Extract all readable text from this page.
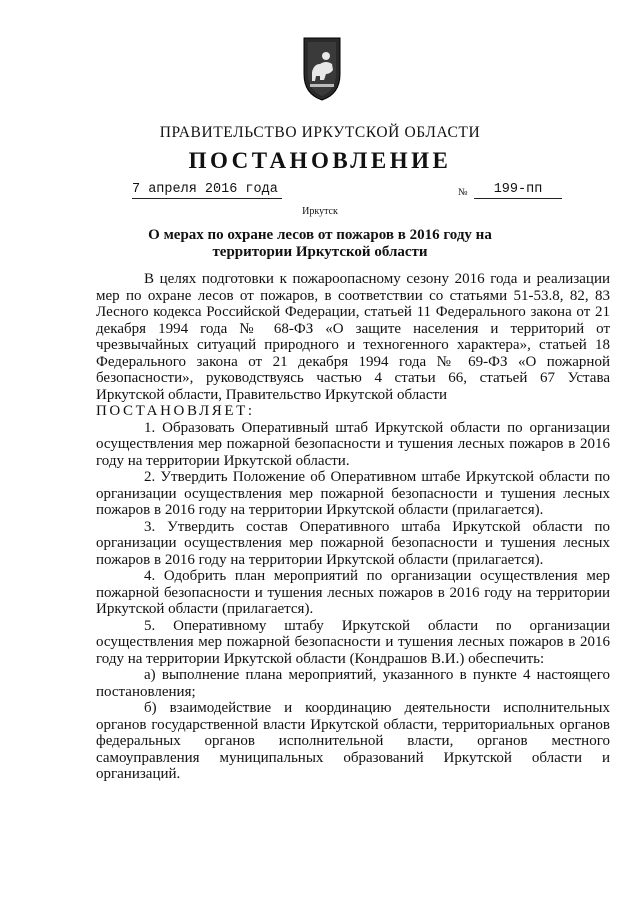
ПРАВИТЕЛЬСТВО ИРКУТСКОЙ ОБЛАСТИ
ПОСТАНОВЛЕНИЕ
7 апреля 2016 года	№	199-пп
Иркутск
О мерах по охране лесов от пожаров в 2016 году на территории Иркутской области

В целях подготовки к пожароопасному сезону 2016 года и реализации мер по охране лесов от пожаров, в соответствии со статьями 51-53.8, 82, 83 Лесного кодекса Российской Федерации, статьей 11 Федерального закона от 21 декабря 1994 года № 68-ФЗ «О защите населения и территорий от чрезвычайных ситуаций природного и техногенного характера», статьей 18 Федерального закона от 21 декабря 1994 года № 69-ФЗ «О пожарной безопасности», руководствуясь частью 4 статьи 66, статьей 67 Устава Иркутской области, Правительство Иркутской области

ПОСТАНОВЛЯЕТ:

1. Образовать Оперативный штаб Иркутской области по организации осуществления мер пожарной безопасности и тушения лесных пожаров в 2016 году на территории Иркутской области.

2. Утвердить Положение об Оперативном штабе Иркутской области по организации осуществления мер пожарной безопасности и тушения лесных пожаров в 2016 году на территории Иркутской области (прилагается).

3. Утвердить состав Оперативного штаба Иркутской области по организации осуществления мер пожарной безопасности и тушения лесных пожаров в 2016 году на территории Иркутской области (прилагается).

4. Одобрить план мероприятий по организации осуществления мер пожарной безопасности и тушения лесных пожаров в 2016 году на территории Иркутской области (прилагается).

5. Оперативному штабу Иркутской области по организации осуществления мер пожарной безопасности и тушения лесных пожаров в 2016 году на территории Иркутской области (Кондрашов В.И.) обеспечить:

а) выполнение плана мероприятий, указанного в пункте 4 настоящего постановления;

б) взаимодействие и координацию деятельности исполнительных органов государственной власти Иркутской области, территориальных органов федеральных органов исполнительной власти, органов местного самоуправления муниципальных образований Иркутской области и организаций.
